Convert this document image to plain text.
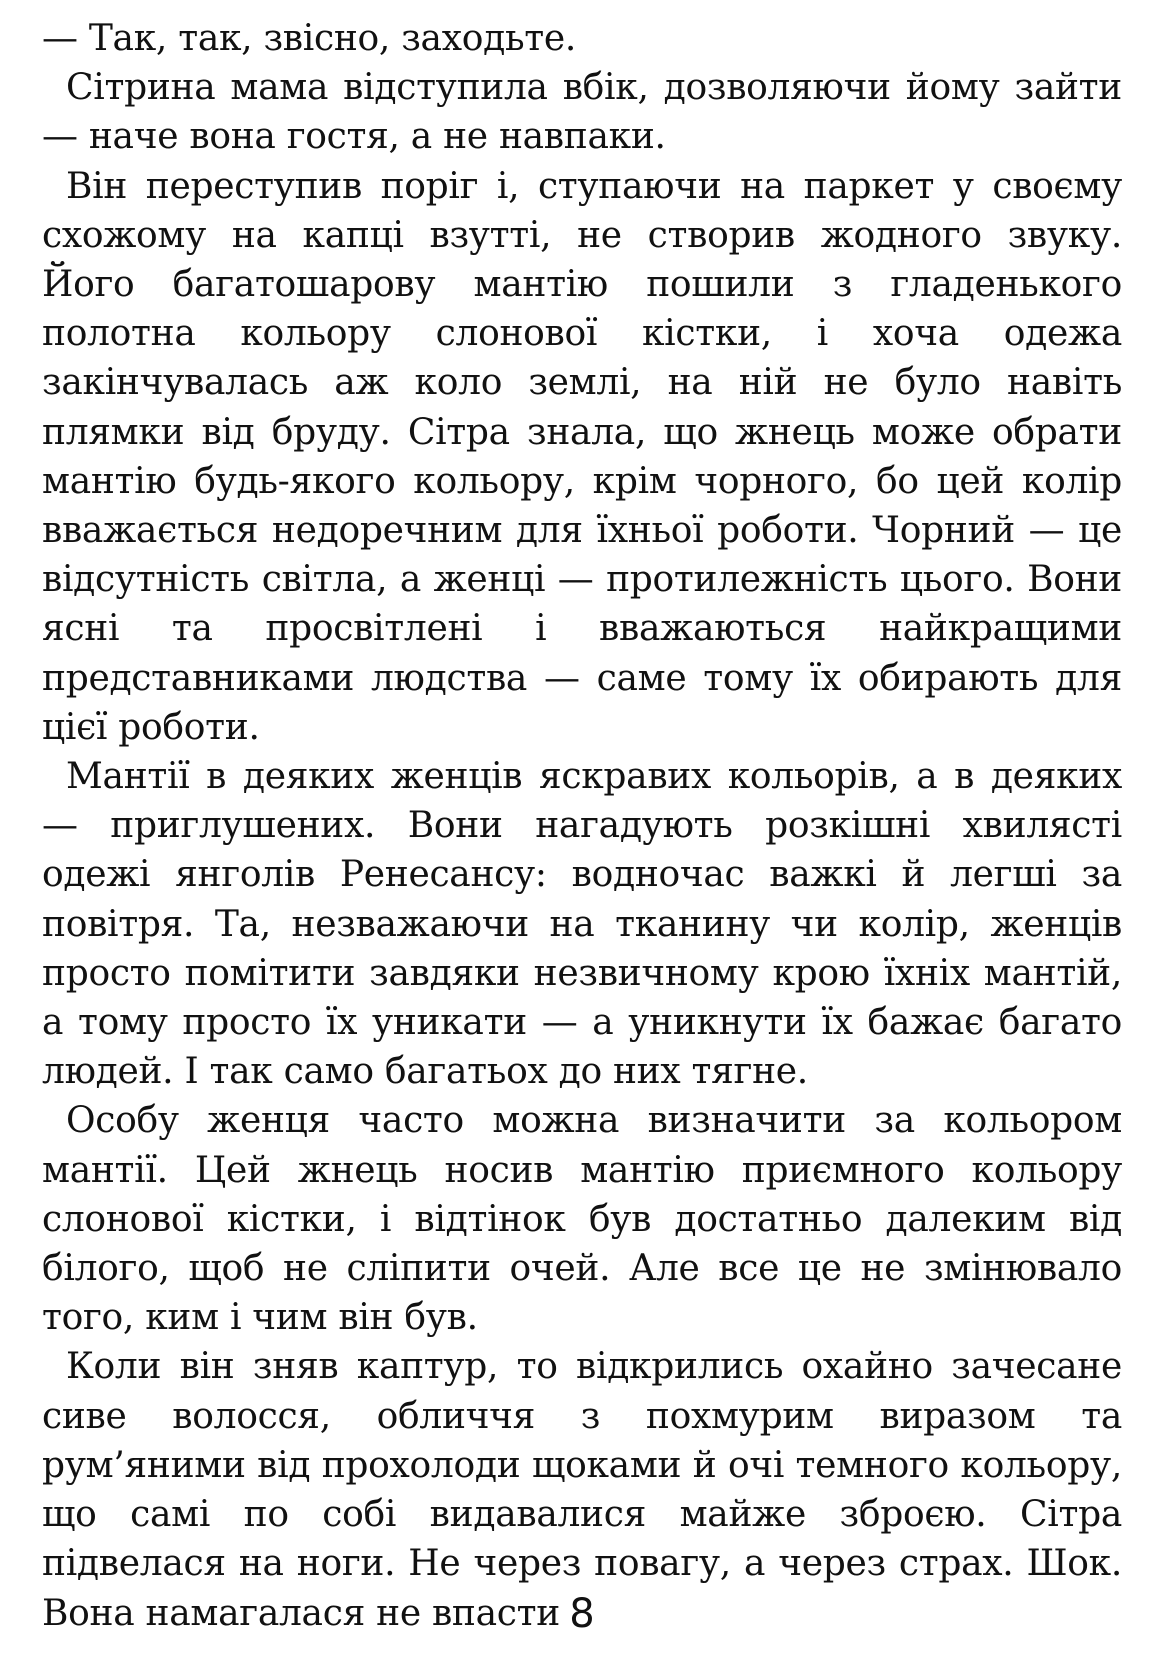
— Так, так, звісно, заходьте.

Сітрина мама відступила вбік, дозволяючи йому зайти — наче вона гостя, а не навпаки.

Він переступив поріг і, ступаючи на паркет у своєму схожому на капці взутті, не створив жодного звуку. Його багатошарову мантію пошили з гладенького полотна кольору слонової кістки, і хоча одежа закінчувалась аж коло землі, на ній не було навіть плямки від бруду. Сітра знала, що жнець може обрати мантію будь-якого кольору, крім чорного, бо цей колір вважається недоречним для їхньої роботи. Чорний — це відсутність світла, а женці — протилежність цього. Вони ясні та просвітлені і вважаються найкращими представниками людства — саме тому їх обирають для цієї роботи.

Мантії в деяких женців яскравих кольорів, а в деяких — приглушених. Вони нагадують розкішні хвилясті одежі янголів Ренесансу: водночас важкі й легші за повітря. Та, незважаючи на тканину чи колір, женців просто помітити завдяки незвичному крою їхніх мантій, а тому просто їх уникати — а уникнути їх бажає багато людей. І так само багатьох до них тягне.

Особу женця часто можна визначити за кольором мантії. Цей жнець носив мантію приємного кольору слонової кістки, і відтінок був достатньо далеким від білого, щоб не сліпити очей. Але все це не змінювало того, ким і чим він був.

Коли він зняв каптур, то відкрились охайно зачесане сиве волосся, обличчя з похмурим виразом та рум’яними від прохолоди щоками й очі темного кольору, що самі по собі видавалися майже зброєю. Сітра підвелася на ноги. Не через повагу, а через страх. Шок. Вона намагалася не впасти 8
